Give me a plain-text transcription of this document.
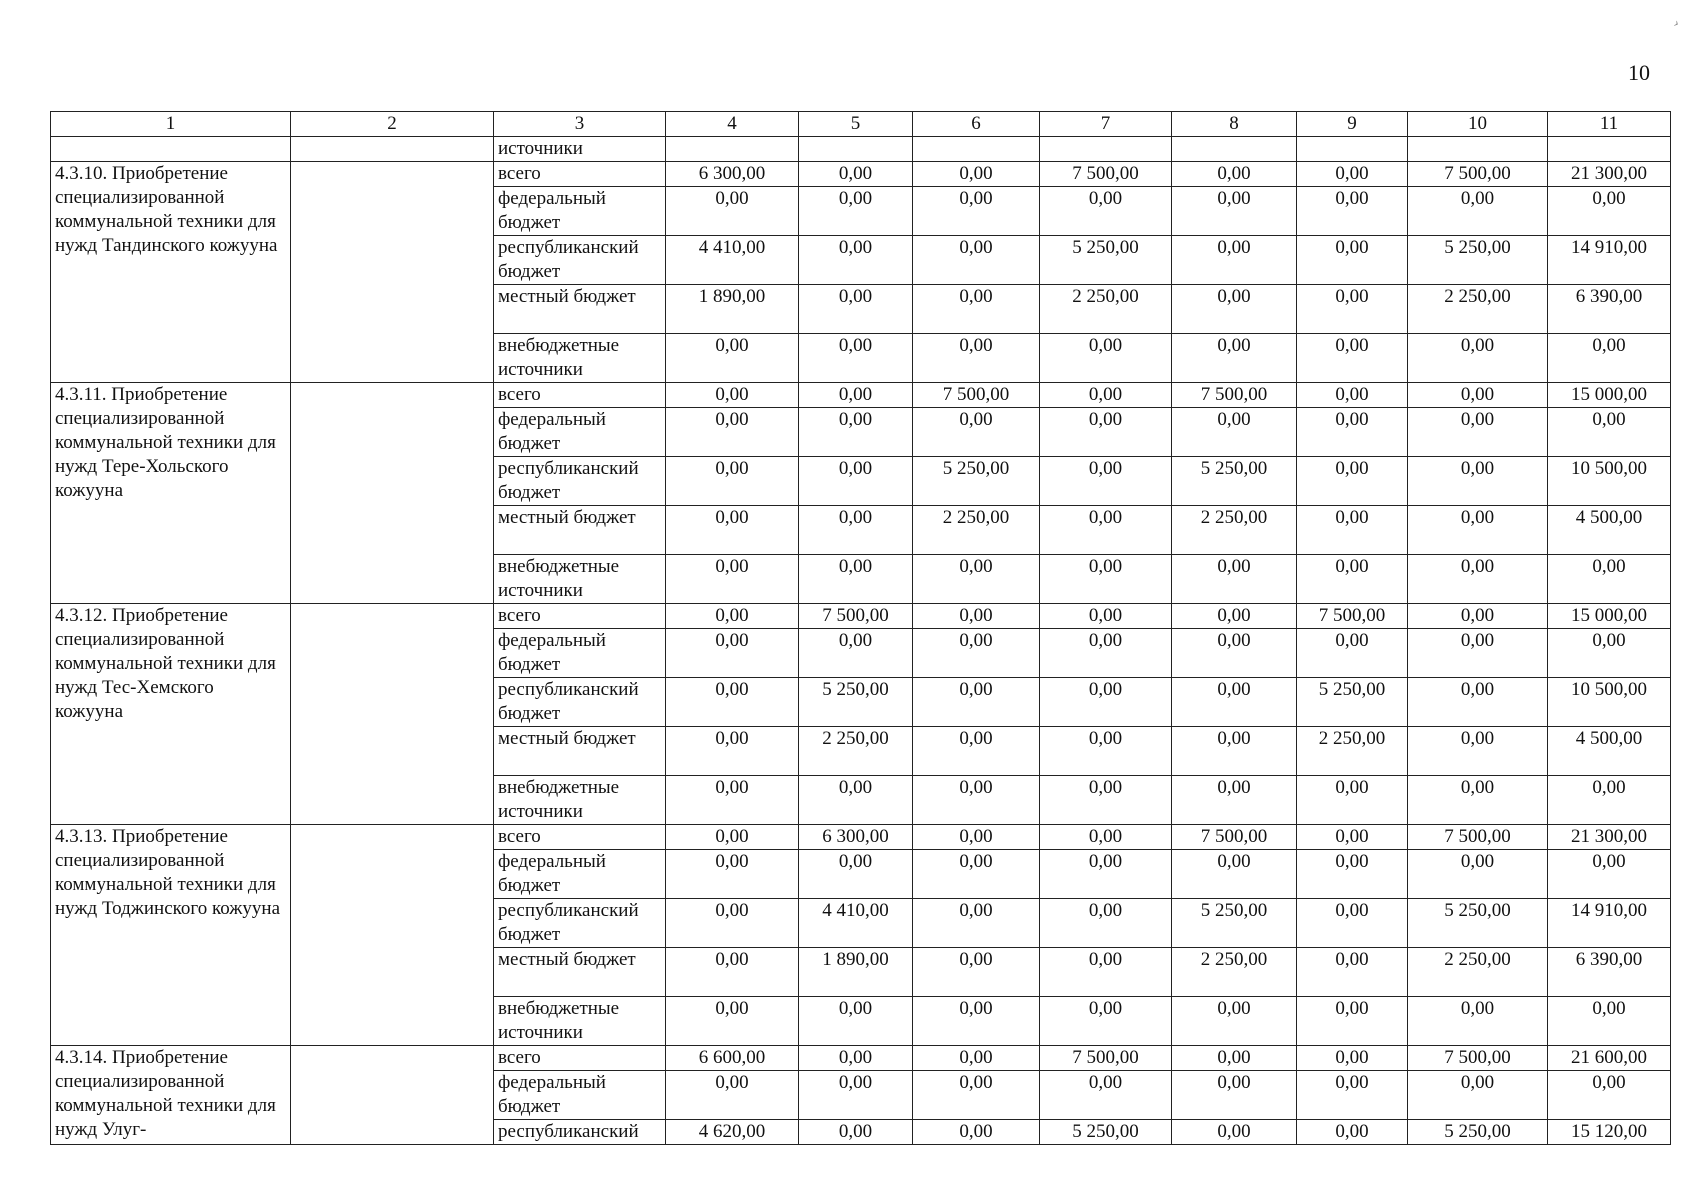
10
›
1	2	3	4	5	6	7	8	9	10	11
		источники								
4.3.10. Приобретение специализированной коммунальной техники для нужд Тандинского кожууна		всего	6 300,00	0,00	0,00	7 500,00	0,00	0,00	7 500,00	21 300,00
		федеральный бюджет	0,00	0,00	0,00	0,00	0,00	0,00	0,00	0,00
		республиканский бюджет	4 410,00	0,00	0,00	5 250,00	0,00	0,00	5 250,00	14 910,00
		местный бюджет	1 890,00	0,00	0,00	2 250,00	0,00	0,00	2 250,00	6 390,00
		внебюджетные источники	0,00	0,00	0,00	0,00	0,00	0,00	0,00	0,00
4.3.11. Приобретение специализированной коммунальной техники для нужд Тере-Хольского кожууна		всего	0,00	0,00	7 500,00	0,00	7 500,00	0,00	0,00	15 000,00
		федеральный бюджет	0,00	0,00	0,00	0,00	0,00	0,00	0,00	0,00
		республиканский бюджет	0,00	0,00	5 250,00	0,00	5 250,00	0,00	0,00	10 500,00
		местный бюджет	0,00	0,00	2 250,00	0,00	2 250,00	0,00	0,00	4 500,00
		внебюджетные источники	0,00	0,00	0,00	0,00	0,00	0,00	0,00	0,00
4.3.12. Приобретение специализированной коммунальной техники для нужд Тес-Хемского кожууна		всего	0,00	7 500,00	0,00	0,00	0,00	7 500,00	0,00	15 000,00
		федеральный бюджет	0,00	0,00	0,00	0,00	0,00	0,00	0,00	0,00
		республиканский бюджет	0,00	5 250,00	0,00	0,00	0,00	5 250,00	0,00	10 500,00
		местный бюджет	0,00	2 250,00	0,00	0,00	0,00	2 250,00	0,00	4 500,00
		внебюджетные источники	0,00	0,00	0,00	0,00	0,00	0,00	0,00	0,00
4.3.13. Приобретение специализированной коммунальной техники для нужд Тоджинского кожууна		всего	0,00	6 300,00	0,00	0,00	7 500,00	0,00	7 500,00	21 300,00
		федеральный бюджет	0,00	0,00	0,00	0,00	0,00	0,00	0,00	0,00
		республиканский бюджет	0,00	4 410,00	0,00	0,00	5 250,00	0,00	5 250,00	14 910,00
		местный бюджет	0,00	1 890,00	0,00	0,00	2 250,00	0,00	2 250,00	6 390,00
		внебюджетные источники	0,00	0,00	0,00	0,00	0,00	0,00	0,00	0,00
4.3.14. Приобретение специализированной коммунальной техники для нужд Улуг-		всего	6 600,00	0,00	0,00	7 500,00	0,00	0,00	7 500,00	21 600,00
		федеральный бюджет	0,00	0,00	0,00	0,00	0,00	0,00	0,00	0,00
		республиканский	4 620,00	0,00	0,00	5 250,00	0,00	0,00	5 250,00	15 120,00
